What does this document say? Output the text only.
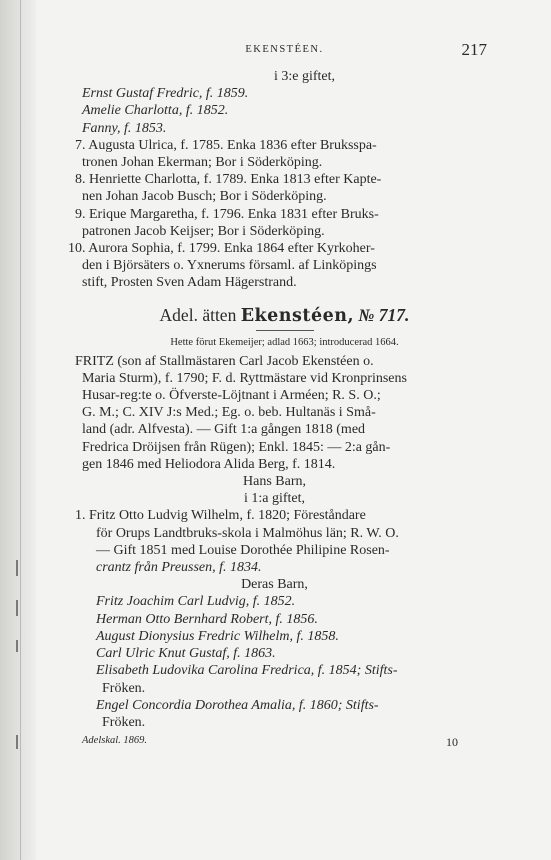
EKENSTÉEN.	217
i 3:e giftet,
Ernst Gustaf Fredric, f. 1859.
Amelie Charlotta, f. 1852.
Fanny, f. 1853.
7. Augusta Ulrica, f. 1785. Enka 1836 efter Bruksspa-
tronen Johan Ekerman; Bor i Söderköping.
8. Henriette Charlotta, f. 1789. Enka 1813 efter Kapte-
nen Johan Jacob Busch; Bor i Söderköping.
9. Erique Margaretha, f. 1796. Enka 1831 efter Bruks-
patronen Jacob Keijser; Bor i Söderköping.
10. Aurora Sophia, f. 1799. Enka 1864 efter Kyrkoher-
den i Björsäters o. Yxnerums församl. af Linköpings
stift, Prosten Sven Adam Hägerstrand.
Adel. ätten Ekenstéen, № 717.
Hette förut Ekemeijer; adlad 1663; introducerad 1664.
FRITZ (son af Stallmästaren Carl Jacob Ekenstéen o.
Maria Sturm), f. 1790; F. d. Ryttmästare vid Kronprinsens
Husar-reg:te o. Öfverste-Löjtnant i Arméen; R. S. O.;
G. M.; C. XIV J:s Med.; Eg. o. beb. Hultanäs i Små-
land (adr. Alfvesta). — Gift 1:a gången 1818 (med
Fredrica Dröijsen från Rügen); Enkl. 1845: — 2:a gån-
gen 1846 med Heliodora Alida Berg, f. 1814.
Hans Barn,
i 1:a giftet,
1. Fritz Otto Ludvig Wilhelm, f. 1820; Föreståndare
för Orups Landtbruks-skola i Malmöhus län; R. W. O.
— Gift 1851 med Louise Dorothée Philipine Rosen-
crantz från Preussen, f. 1834.
Deras Barn,
Fritz Joachim Carl Ludvig, f. 1852.
Herman Otto Bernhard Robert, f. 1856.
August Dionysius Fredric Wilhelm, f. 1858.
Carl Ulric Knut Gustaf, f. 1863.
Elisabeth Ludovika Carolina Fredrica, f. 1854; Stifts-
Fröken.
Engel Concordia Dorothea Amalia, f. 1860; Stifts-
Fröken.
Adelskal. 1869.	10
